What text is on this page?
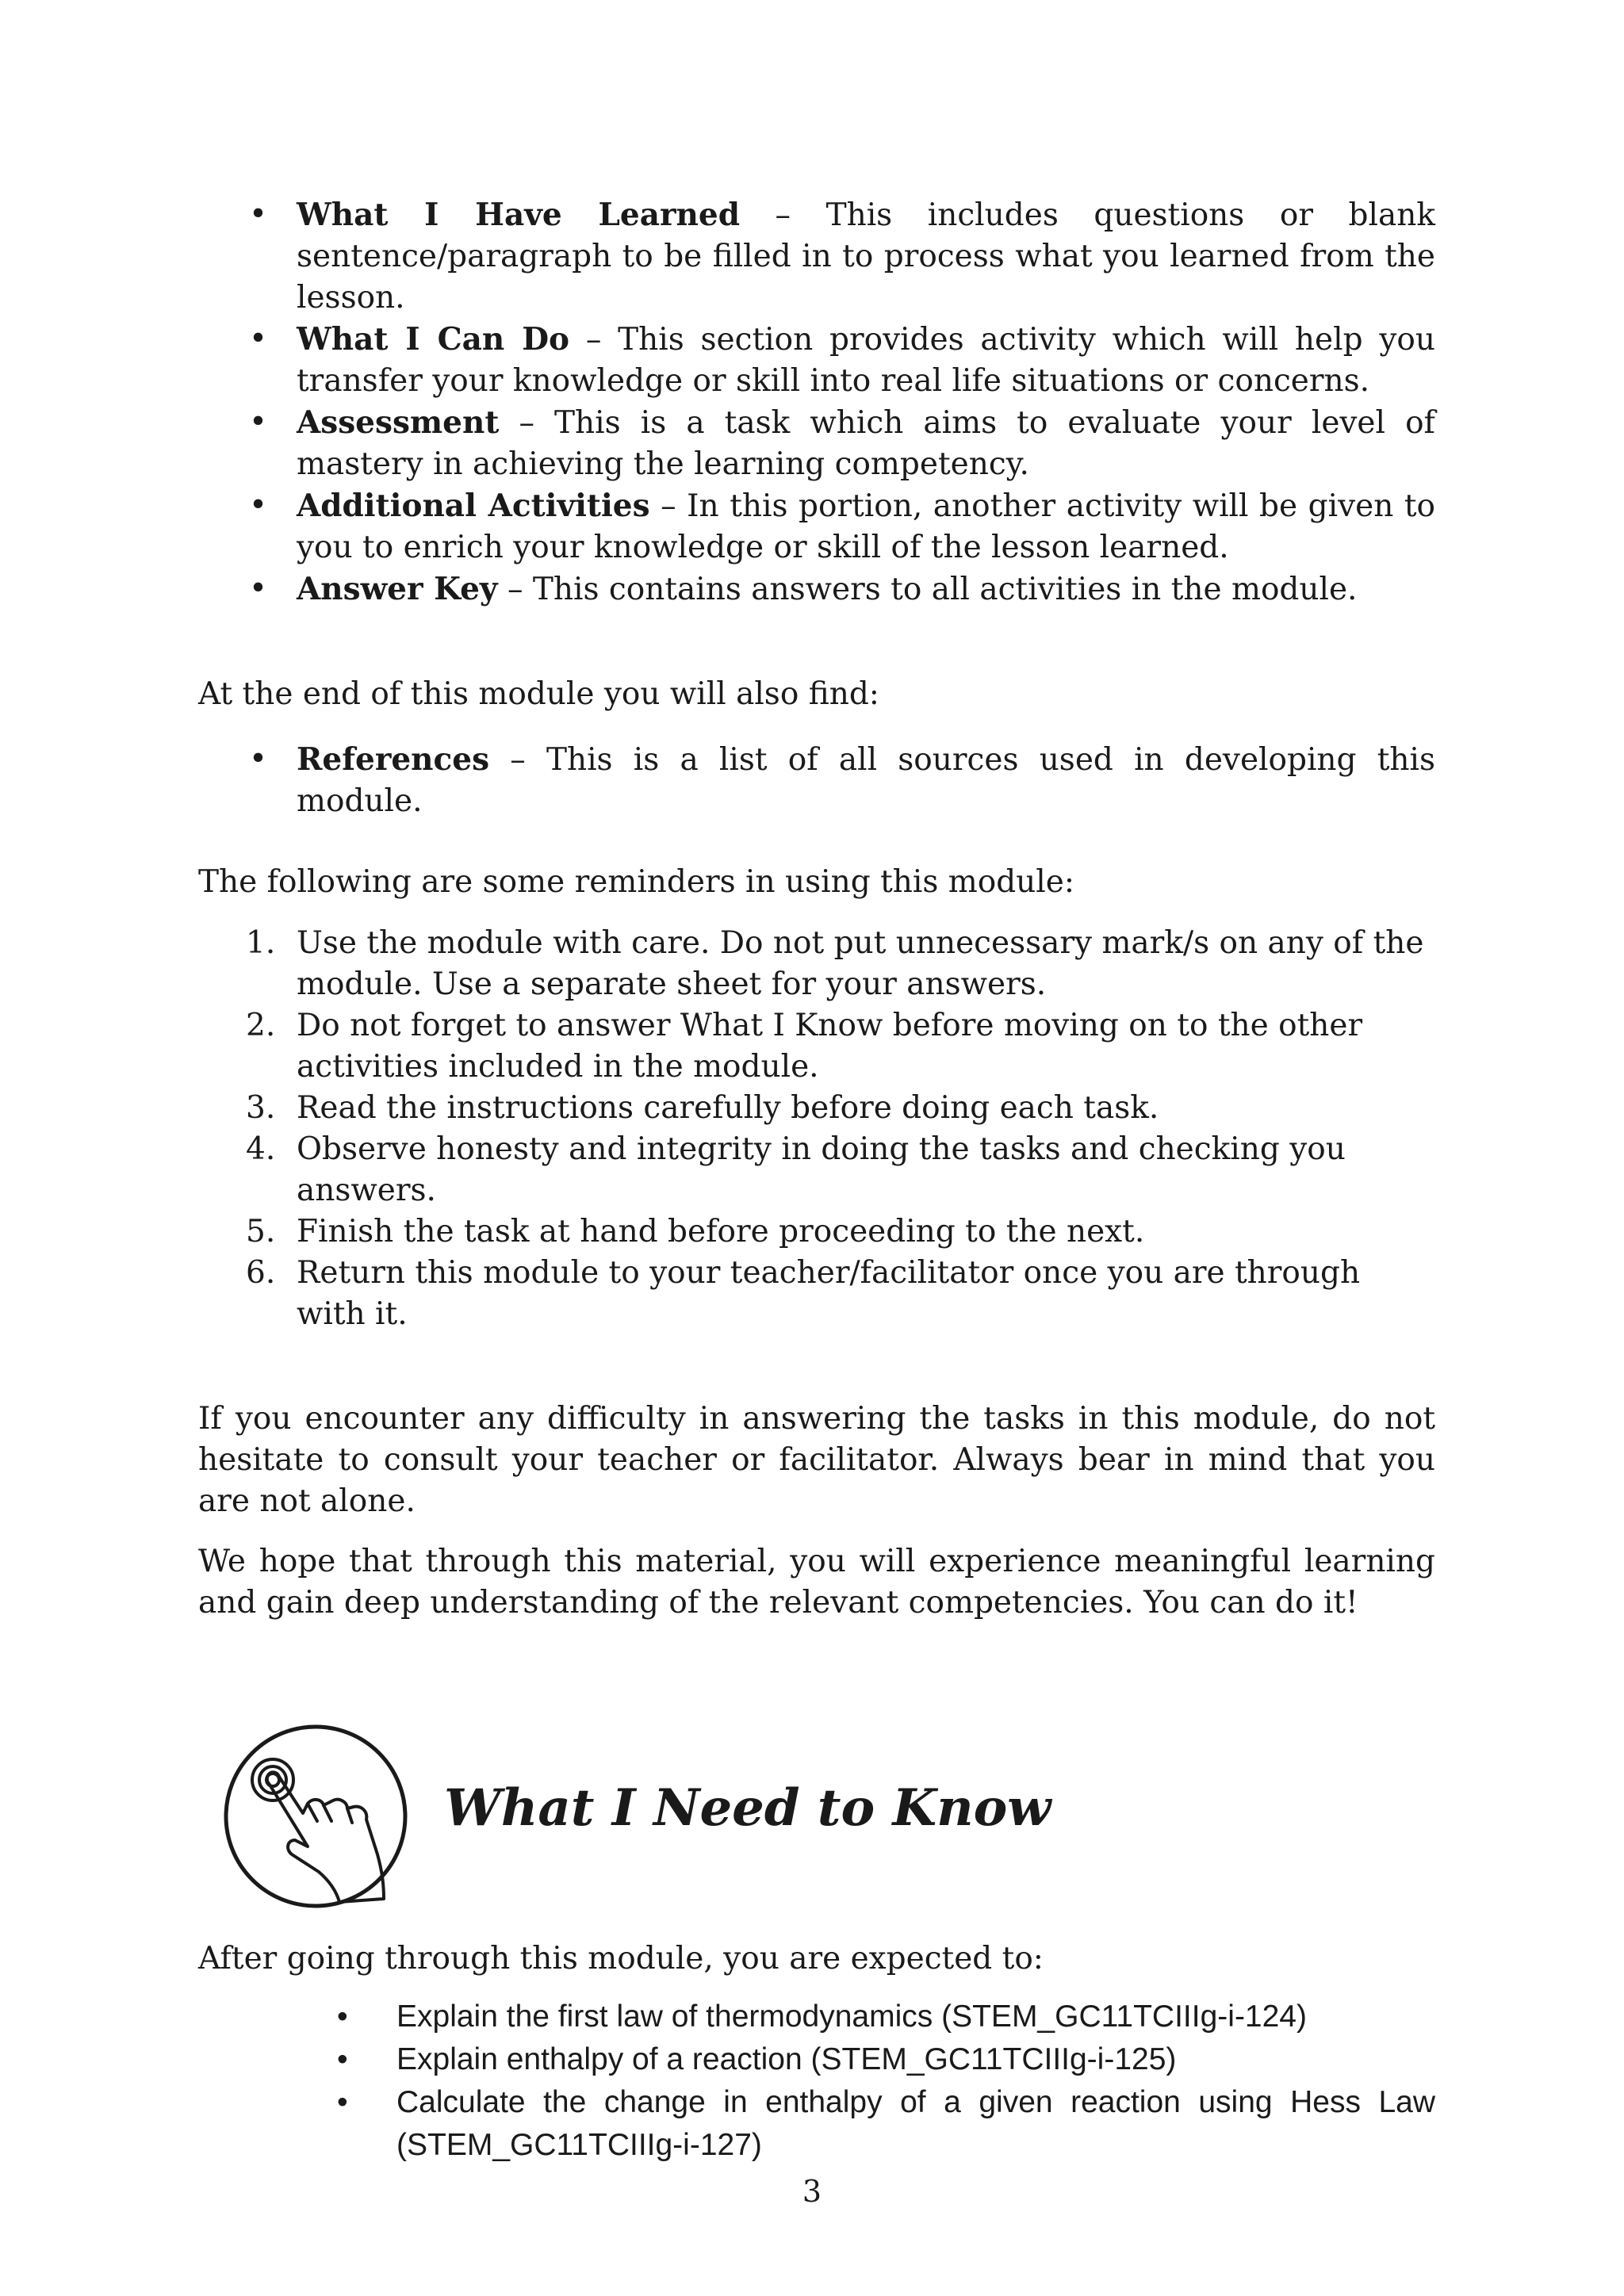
• What I Have Learned – This includes questions or blank sentence/paragraph to be filled in to process what you learned from the lesson.
• What I Can Do – This section provides activity which will help you transfer your knowledge or skill into real life situations or concerns.
• Assessment – This is a task which aims to evaluate your level of mastery in achieving the learning competency.
• Additional Activities – In this portion, another activity will be given to you to enrich your knowledge or skill of the lesson learned.
• Answer Key – This contains answers to all activities in the module.

At the end of this module you will also find:

• References – This is a list of all sources used in developing this module.

The following are some reminders in using this module:

1. Use the module with care. Do not put unnecessary mark/s on any of the module. Use a separate sheet for your answers.
2. Do not forget to answer What I Know before moving on to the other activities included in the module.
3. Read the instructions carefully before doing each task.
4. Observe honesty and integrity in doing the tasks and checking you answers.
5. Finish the task at hand before proceeding to the next.
6. Return this module to your teacher/facilitator once you are through with it.

If you encounter any difficulty in answering the tasks in this module, do not hesitate to consult your teacher or facilitator. Always bear in mind that you are not alone.

We hope that through this material, you will experience meaningful learning and gain deep understanding of the relevant competencies. You can do it!

What I Need to Know

After going through this module, you are expected to:

• Explain the first law of thermodynamics (STEM_GC11TCIIIg-i-124)
• Explain enthalpy of a reaction (STEM_GC11TCIIIg-i-125)
• Calculate the change in enthalpy of a given reaction using Hess Law (STEM_GC11TCIIIg-i-127)
3
